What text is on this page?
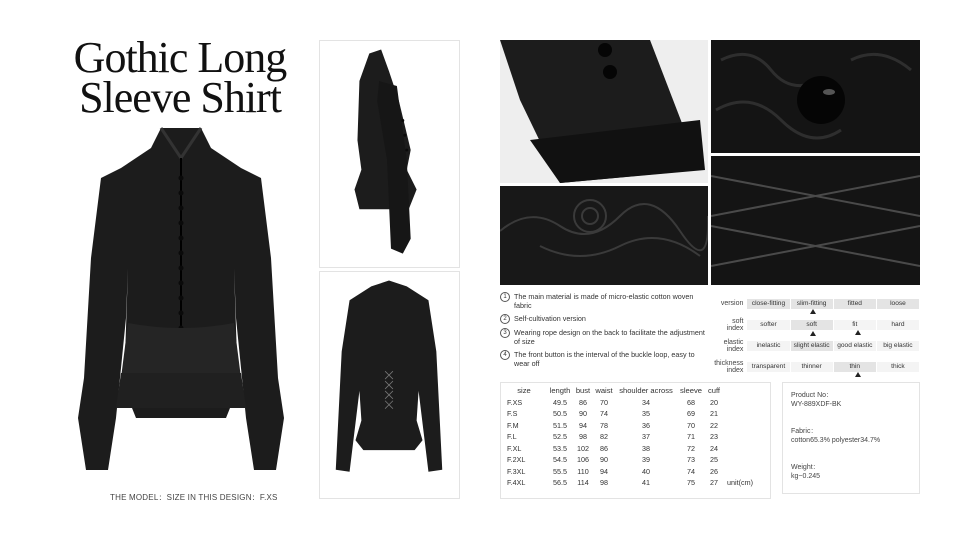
Gothic Long
Sleeve Shirt
THE MODEL：SIZE IN THIS DESIGN：F.XS
1	The main material is made of micro-elastic cotton woven fabric
2	Self-cultivation version
3	Wearing rope design on the back to facilitate the adjustment of size
4	The front button is the interval of the buckle loop, easy to wear off
version	close-fitting	slim-fitting	fitted	loose
soft index
softer	soft	fit	hard
elastic index
inelastic	slight elastic	good elastic	big elastic
thickness index
transparent	thinner	thin	thick
size	length	bust	waist	shoulder across	sleeve	cuff	
F.XS	49.5	86	70	34	68	20	
F.S	50.5	90	74	35	69	21	
F.M	51.5	94	78	36	70	22	
F.L	52.5	98	82	37	71	23	
F.XL	53.5	102	86	38	72	24	
F.2XL	54.5	106	90	39	73	25	
F.3XL	55.5	110	94	40	74	26	
F.4XL	56.5	114	98	41	75	27	unit(cm)
Product No：
WY-889XDF-BK
Fabric：
cotton65.3% polyester34.7%
Weight：
kg~0.245
